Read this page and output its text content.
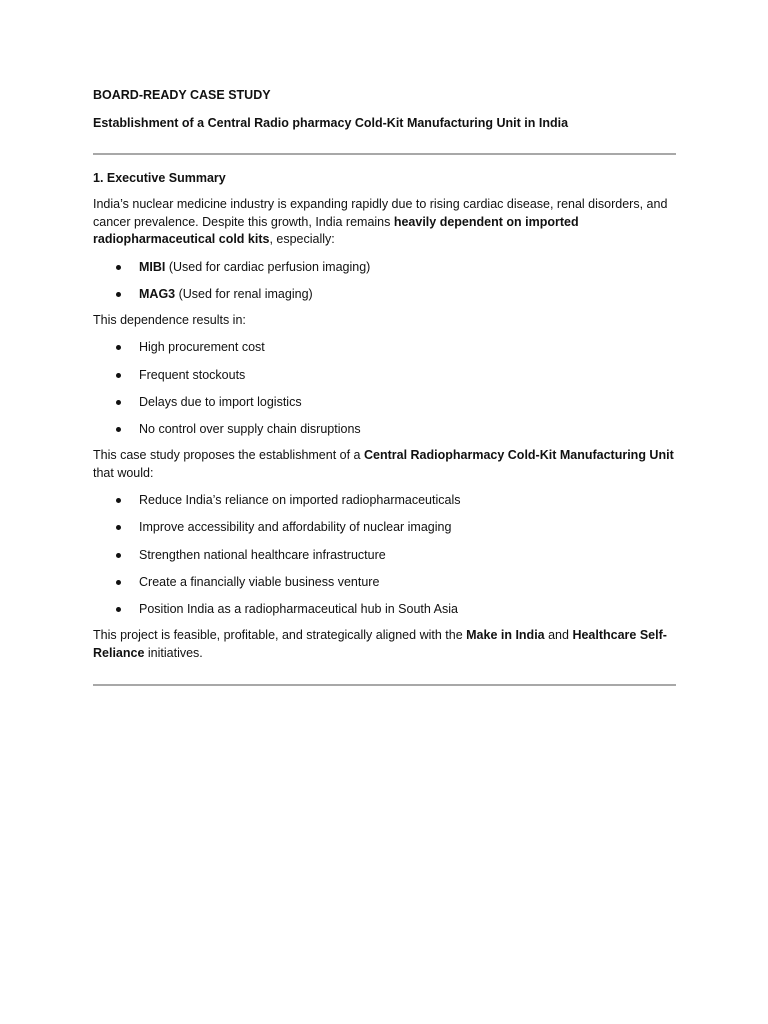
BOARD-READY CASE STUDY
Establishment of a Central Radio pharmacy Cold-Kit Manufacturing Unit in India
1. Executive Summary

India’s nuclear medicine industry is expanding rapidly due to rising cardiac disease, renal disorders, and cancer prevalence. Despite this growth, India remains heavily dependent on imported radiopharmaceutical cold kits, especially:

MIBI (Used for cardiac perfusion imaging)
MAG3 (Used for renal imaging)

This dependence results in:

High procurement cost
Frequent stockouts
Delays due to import logistics
No control over supply chain disruptions

This case study proposes the establishment of a Central Radiopharmacy Cold-Kit Manufacturing Unit that would:

Reduce India’s reliance on imported radiopharmaceuticals
Improve accessibility and affordability of nuclear imaging
Strengthen national healthcare infrastructure
Create a financially viable business venture
Position India as a radiopharmaceutical hub in South Asia

This project is feasible, profitable, and strategically aligned with the Make in India and Healthcare Self-Reliance initiatives.
